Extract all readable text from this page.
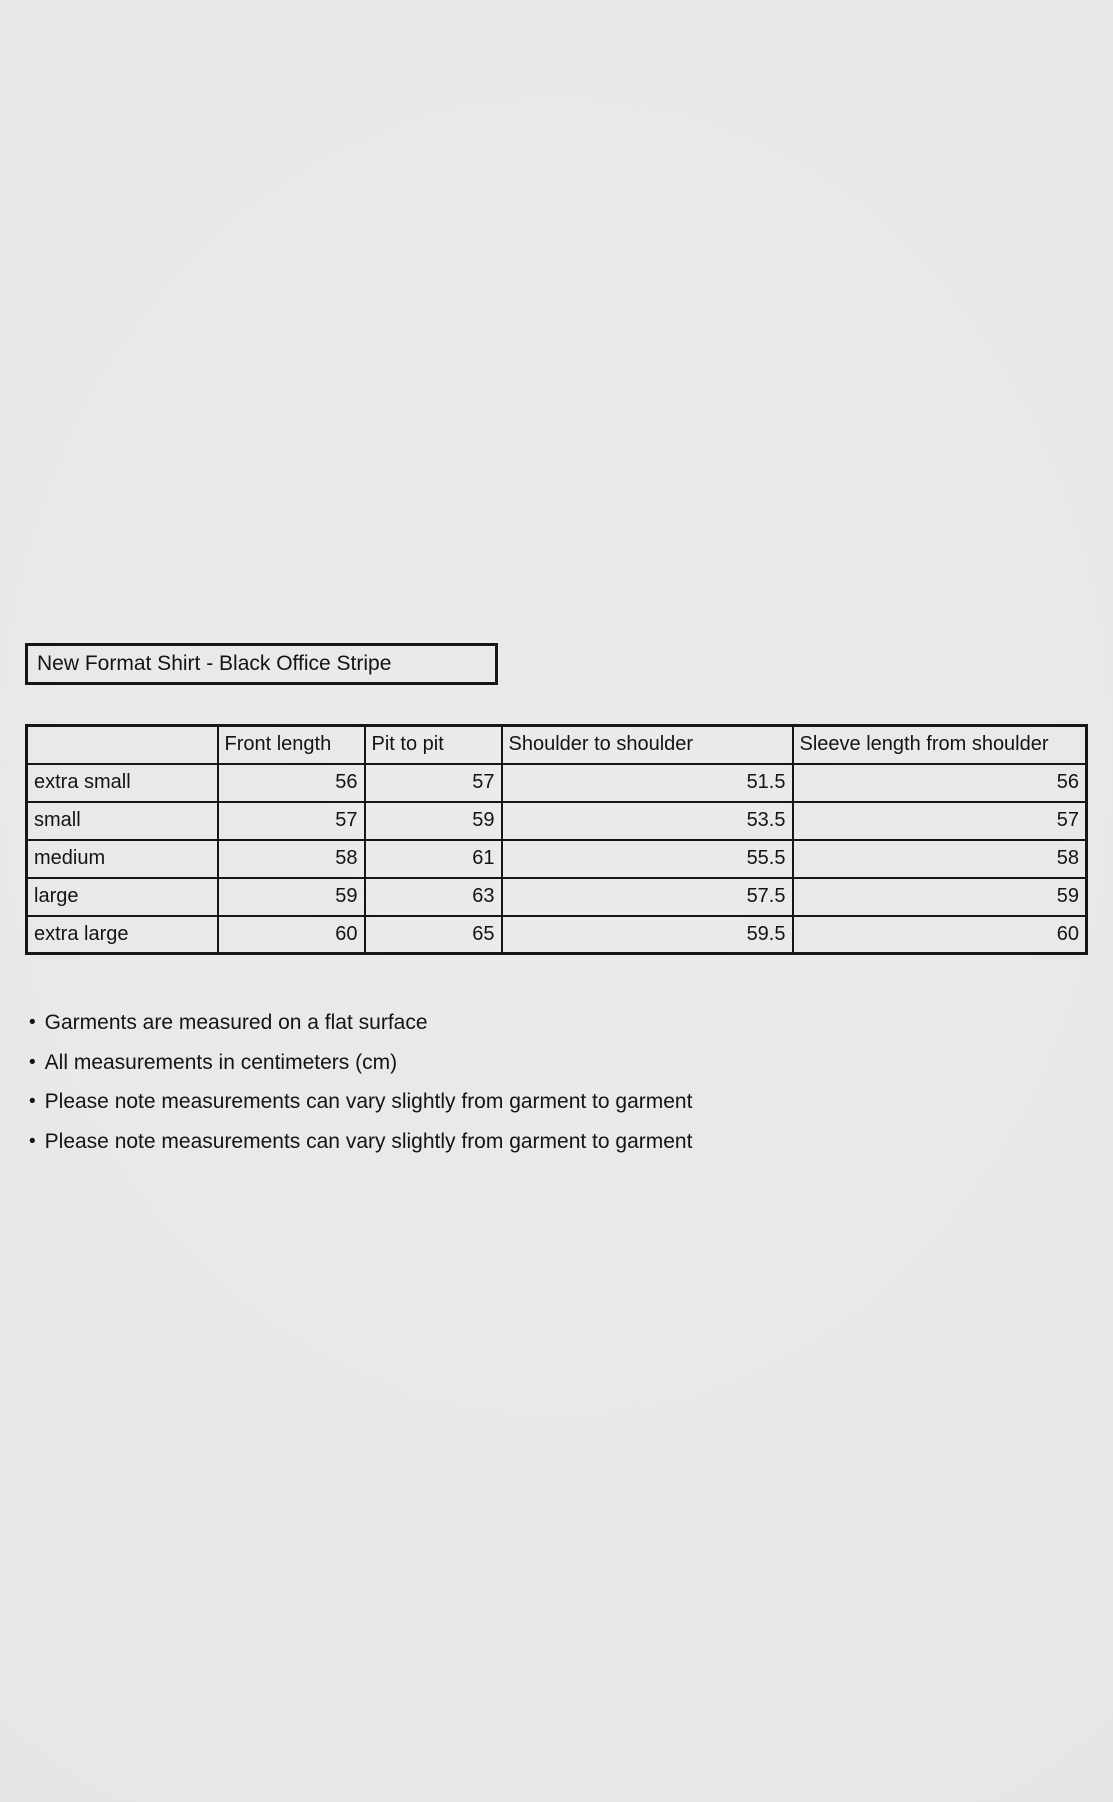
New Format Shirt - Black Office Stripe
	Front length	Pit to pit	Shoulder to shoulder	Sleeve length from shoulder
extra small	56	57	51.5	56
small	57	59	53.5	57
medium	58	61	55.5	58
large	59	63	57.5	59
extra large	60	65	59.5	60
• Garments are measured on a flat surface
• All measurements in centimeters (cm)
• Please note measurements can vary slightly from garment to garment
• Please note measurements can vary slightly from garment to garment
